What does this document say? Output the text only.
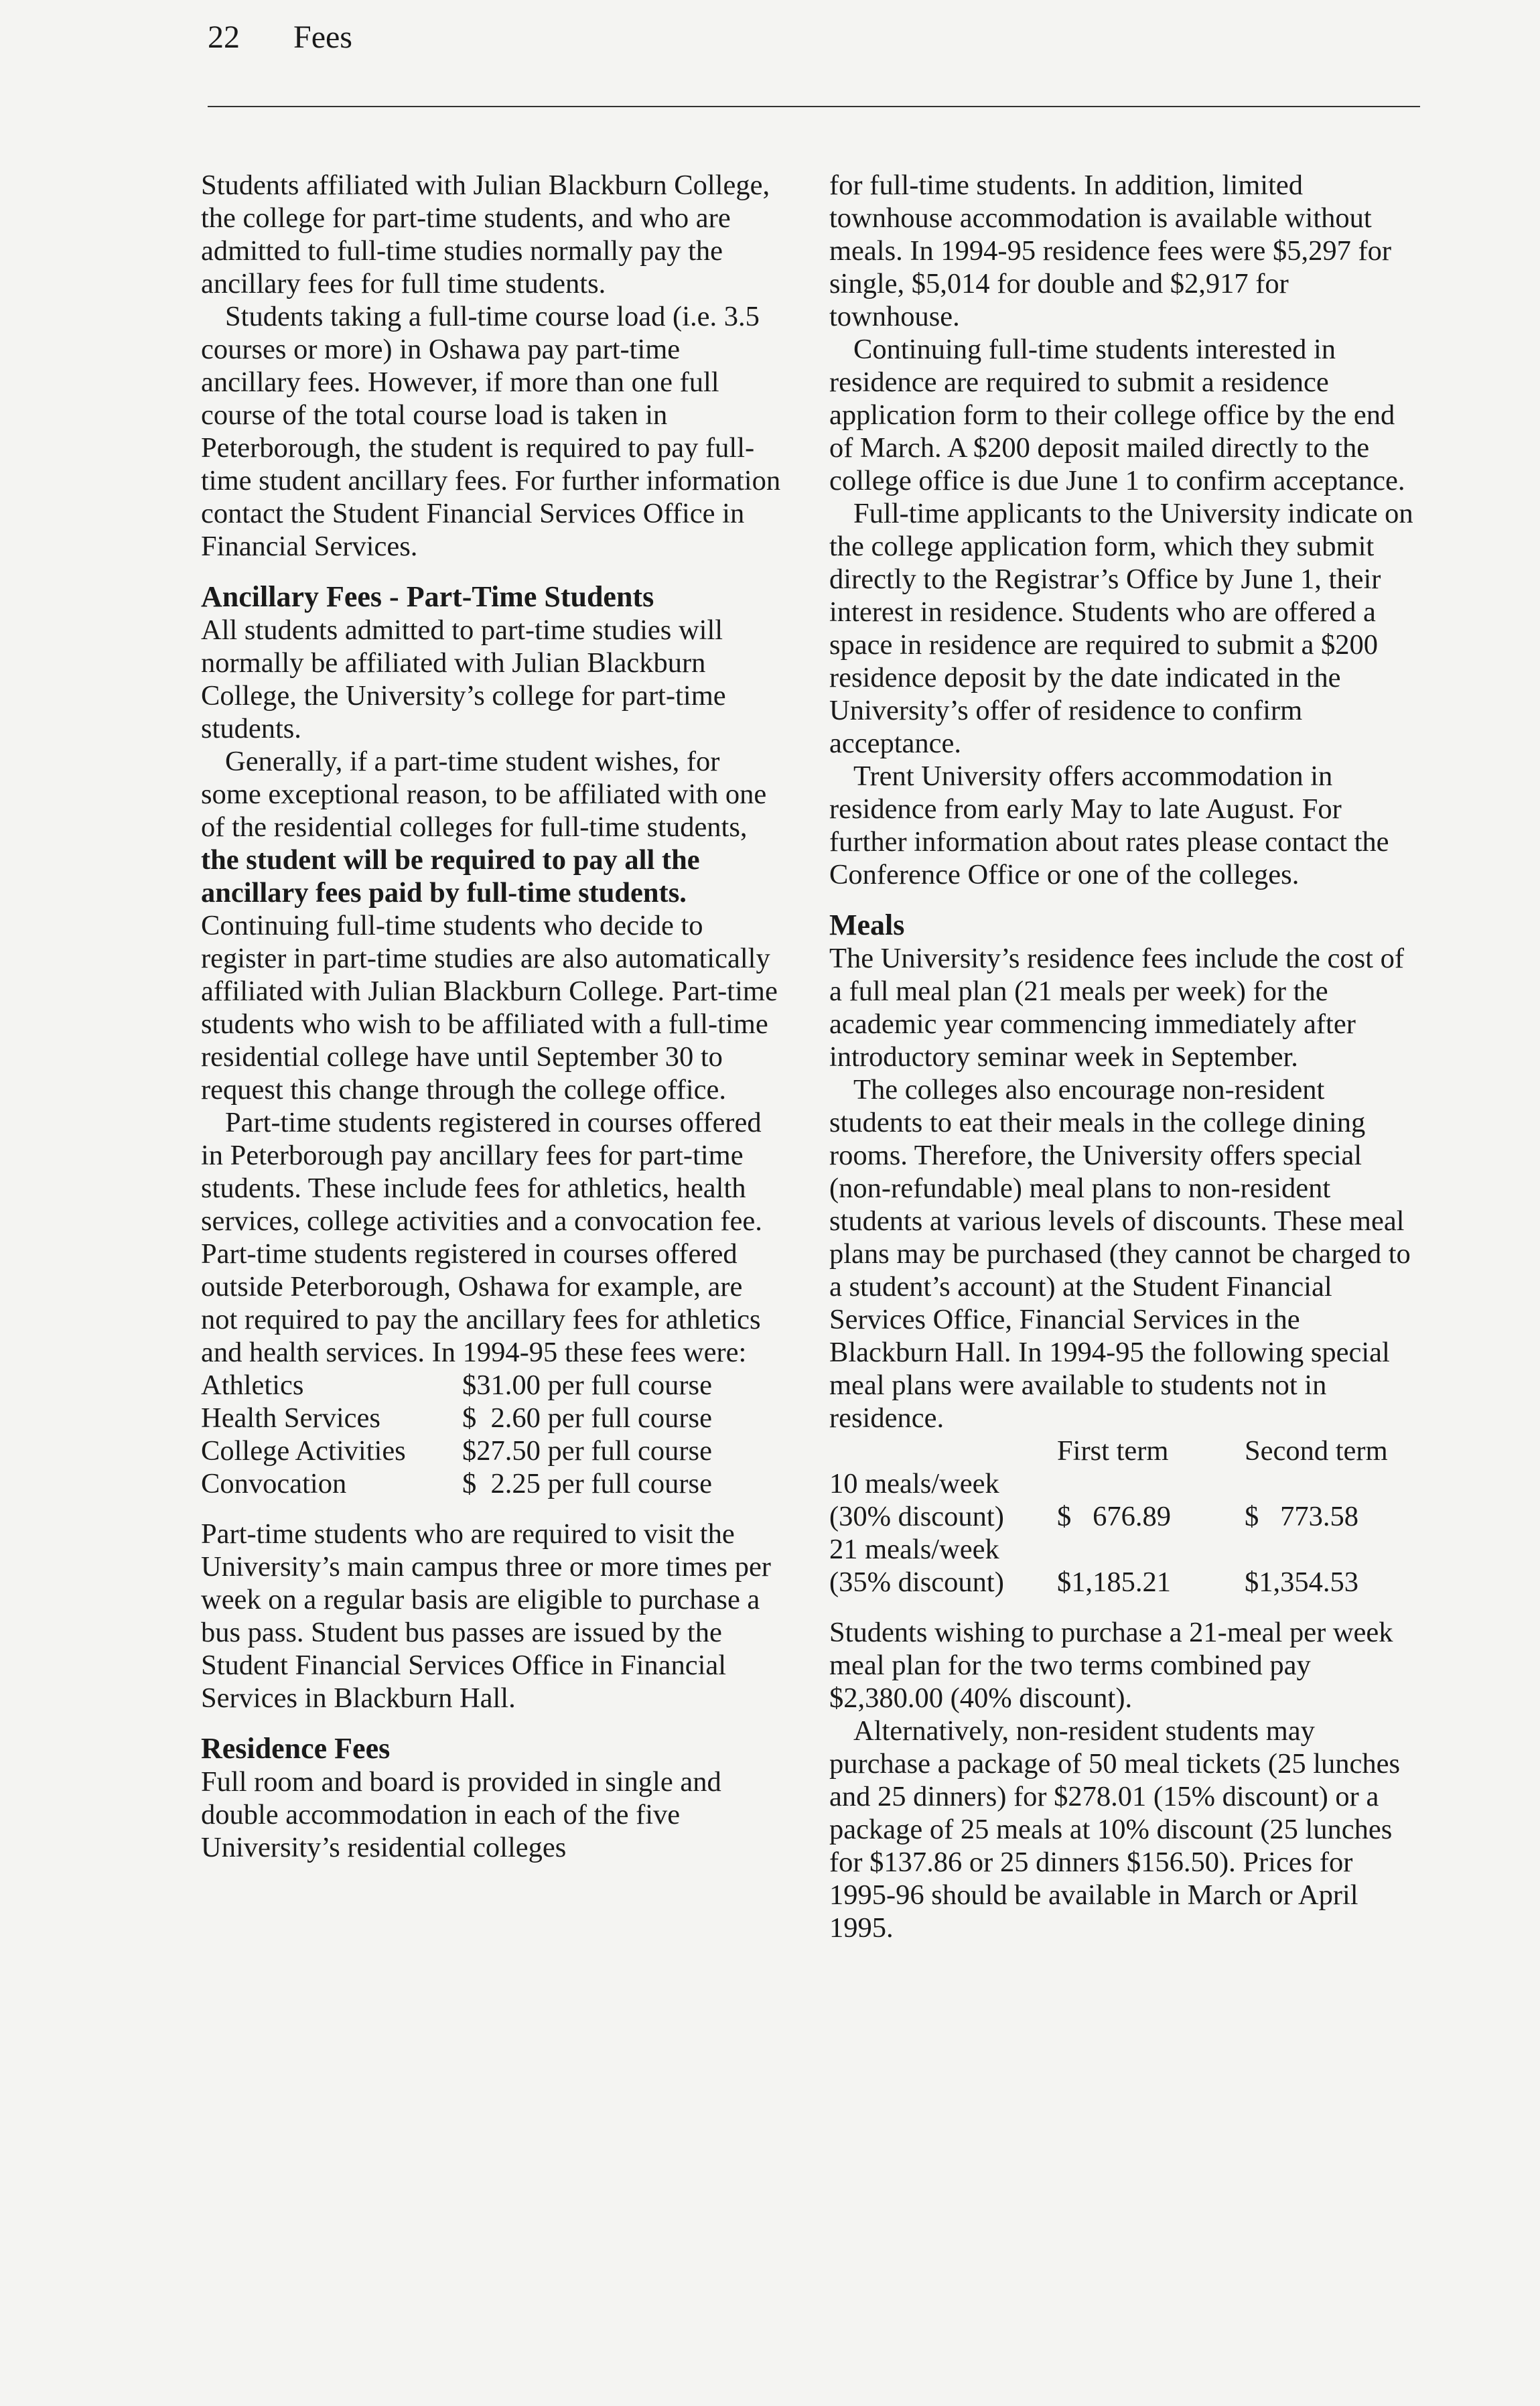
22 Fees

Students affiliated with Julian Blackburn College, the college for part-time students, and who are admitted to full-time studies normally pay the ancillary fees for full time students.

Students taking a full-time course load (i.e. 3.5 courses or more) in Oshawa pay part-time ancillary fees. However, if more than one full course of the total course load is taken in Peterborough, the student is required to pay full-time student ancillary fees. For further information contact the Student Financial Services Office in Financial Services.

Ancillary Fees - Part-Time Students

All students admitted to part-time studies will normally be affiliated with Julian Blackburn College, the University’s college for part-time students.

Generally, if a part-time student wishes, for some exceptional reason, to be affiliated with one of the residential colleges for full-time students, the student will be required to pay all the ancillary fees paid by full-time students. Continuing full-time students who decide to register in part-time studies are also automatically affiliated with Julian Blackburn College. Part-time students who wish to be affiliated with a full-time residential college have until September 30 to request this change through the college office.

Part-time students registered in courses offered in Peterborough pay ancillary fees for part-time students. These include fees for athletics, health services, college activities and a convocation fee. Part-time students registered in courses offered outside Peterborough, Oshawa for example, are not required to pay the ancillary fees for athletics and health services. In 1994-95 these fees were:

Athletics	$31.00 per full course
Health Services	$  2.60 per full course
College Activities	$27.50 per full course
Convocation	$  2.25 per full course

Part-time students who are required to visit the University’s main campus three or more times per week on a regular basis are eligible to purchase a bus pass. Student bus passes are issued by the Student Financial Services Office in Financial Services in Blackburn Hall.

Residence Fees

Full room and board is provided in single and double accommodation in each of the five University’s residential colleges

for full-time students. In addition, limited townhouse accommodation is available without meals. In 1994-95 residence fees were $5,297 for single, $5,014 for double and $2,917 for townhouse.

Continuing full-time students interested in residence are required to submit a residence application form to their college office by the end of March. A $200 deposit mailed directly to the college office is due June 1 to confirm acceptance.

Full-time applicants to the University indicate on the college application form, which they submit directly to the Registrar’s Office by June 1, their interest in residence. Students who are offered a space in residence are required to submit a $200 residence deposit by the date indicated in the University’s offer of residence to confirm acceptance.

Trent University offers accommodation in residence from early May to late August. For further information about rates please contact the Conference Office or one of the colleges.

Meals

The University’s residence fees include the cost of a full meal plan (21 meals per week) for the academic year commencing immediately after introductory seminar week in September.

The colleges also encourage non-resident students to eat their meals in the college dining rooms. Therefore, the University offers special (non-refundable) meal plans to non-resident students at various levels of discounts. These meal plans may be purchased (they cannot be charged to a student’s account) at the Student Financial Services Office, Financial Services in the Blackburn Hall. In 1994-95 the following special meal plans were available to students not in residence.

	First term	Second term
10 meals/week		
(30% discount)	$   676.89	$   773.58
21 meals/week		
(35% discount)	$1,185.21	$1,354.53

Students wishing to purchase a 21-meal per week meal plan for the two terms combined pay $2,380.00 (40% discount).

Alternatively, non-resident students may purchase a package of 50 meal tickets (25 lunches and 25 dinners) for $278.01 (15% discount) or a package of 25 meals at 10% discount (25 lunches for $137.86 or 25 dinners $156.50). Prices for 1995-96 should be available in March or April 1995.
